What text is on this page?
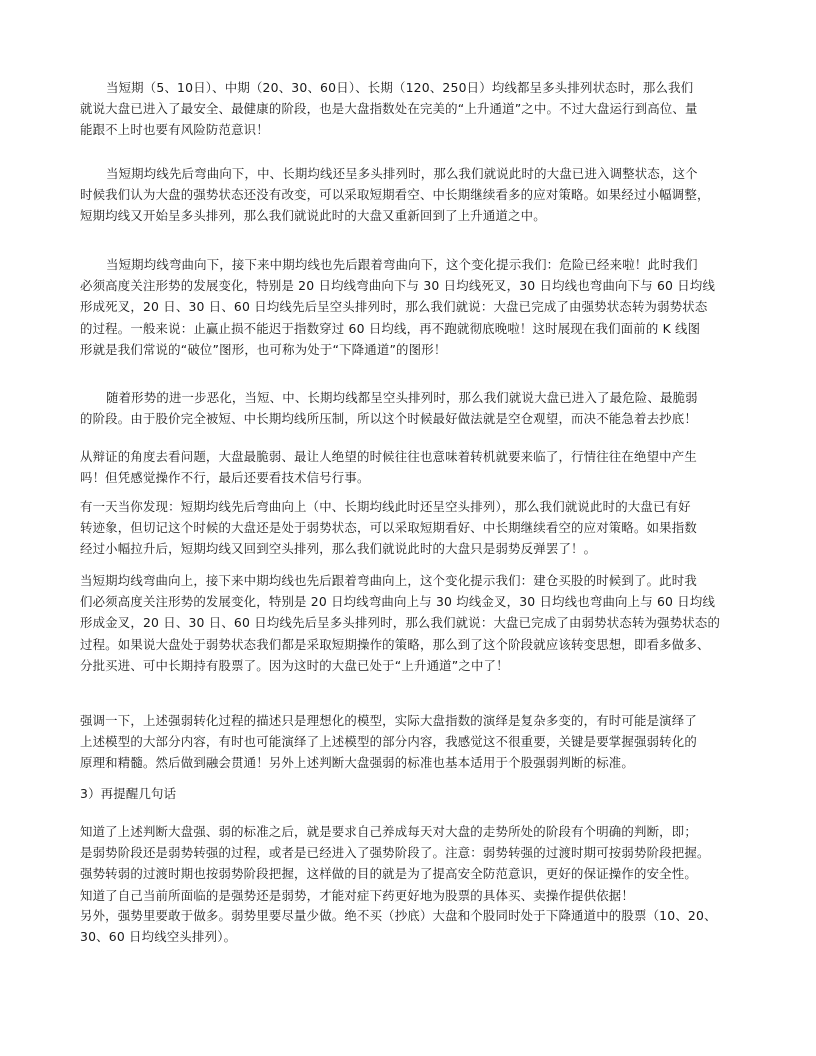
当短期（5、10日）、中期（20、30、60日）、长期（120、250日）均线都呈多头排列状态时，那么我们
就说大盘已进入了最安全、最健康的阶段，也是大盘指数处在完美的“上升通道”之中。不过大盘运行到高位、量
能跟不上时也要有风险防范意识！
当短期均线先后弯曲向下，中、长期均线还呈多头排列时，那么我们就说此时的大盘已进入调整状态，这个
时候我们认为大盘的强势状态还没有改变，可以采取短期看空、中长期继续看多的应对策略。如果经过小幅调整，
短期均线又开始呈多头排列，那么我们就说此时的大盘又重新回到了上升通道之中。
当短期均线弯曲向下，接下来中期均线也先后跟着弯曲向下，这个变化提示我们：危险已经来啦！此时我们
必须高度关注形势的发展变化，特别是 20 日均线弯曲向下与 30 日均线死叉，30 日均线也弯曲向下与 60 日均线
形成死叉，20 日、30 日、60 日均线先后呈空头排列时，那么我们就说：大盘已完成了由强势状态转为弱势状态
的过程。一般来说：止赢止损不能迟于指数穿过 60 日均线，再不跑就彻底晚啦！这时展现在我们面前的 K 线图
形就是我们常说的“破位”图形，也可称为处于“下降通道”的图形！
随着形势的进一步恶化，当短、中、长期均线都呈空头排列时，那么我们就说大盘已进入了最危险、最脆弱
的阶段。由于股价完全被短、中长期均线所压制，所以这个时候最好做法就是空仓观望，而决不能急着去抄底！
从辩证的角度去看问题，大盘最脆弱、最让人绝望的时候往往也意味着转机就要来临了，行情往往在绝望中产生
吗！但凭感觉操作不行，最后还要看技术信号行事。
有一天当你发现：短期均线先后弯曲向上（中、长期均线此时还呈空头排列），那么我们就说此时的大盘已有好
转迹象，但切记这个时候的大盘还是处于弱势状态，可以采取短期看好、中长期继续看空的应对策略。如果指数
经过小幅拉升后，短期均线又回到空头排列，那么我们就说此时的大盘只是弱势反弹罢了！。
当短期均线弯曲向上，接下来中期均线也先后跟着弯曲向上，这个变化提示我们：建仓买股的时候到了。此时我
们必须高度关注形势的发展变化，特别是 20 日均线弯曲向上与 30 均线金叉，30 日均线也弯曲向上与 60 日均线
形成金叉，20 日、30 日、60 日均线先后呈多头排列时，那么我们就说：大盘已完成了由弱势状态转为强势状态的
过程。如果说大盘处于弱势状态我们都是采取短期操作的策略，那么到了这个阶段就应该转变思想，即看多做多、
分批买进、可中长期持有股票了。因为这时的大盘已处于“上升通道”之中了！
强调一下，上述强弱转化过程的描述只是理想化的模型，实际大盘指数的演绎是复杂多变的，有时可能是演绎了
上述模型的大部分内容，有时也可能演绎了上述模型的部分内容，我感觉这不很重要，关键是要掌握强弱转化的
原理和精髓。然后做到融会贯通！另外上述判断大盘强弱的标准也基本适用于个股强弱判断的标准。
3）再提醒几句话
知道了上述判断大盘强、弱的标准之后，就是要求自己养成每天对大盘的走势所处的阶段有个明确的判断，即；
是弱势阶段还是弱势转强的过程，或者是已经进入了强势阶段了。注意：弱势转强的过渡时期可按弱势阶段把握。
强势转弱的过渡时期也按弱势阶段把握，这样做的目的就是为了提高安全防范意识，更好的保证操作的安全性。
知道了自己当前所面临的是强势还是弱势，才能对症下药更好地为股票的具体买、卖操作提供依据！
另外，强势里要敢于做多。弱势里要尽量少做。绝不买（抄底）大盘和个股同时处于下降通道中的股票（10、20、
30、60 日均线空头排列）。
